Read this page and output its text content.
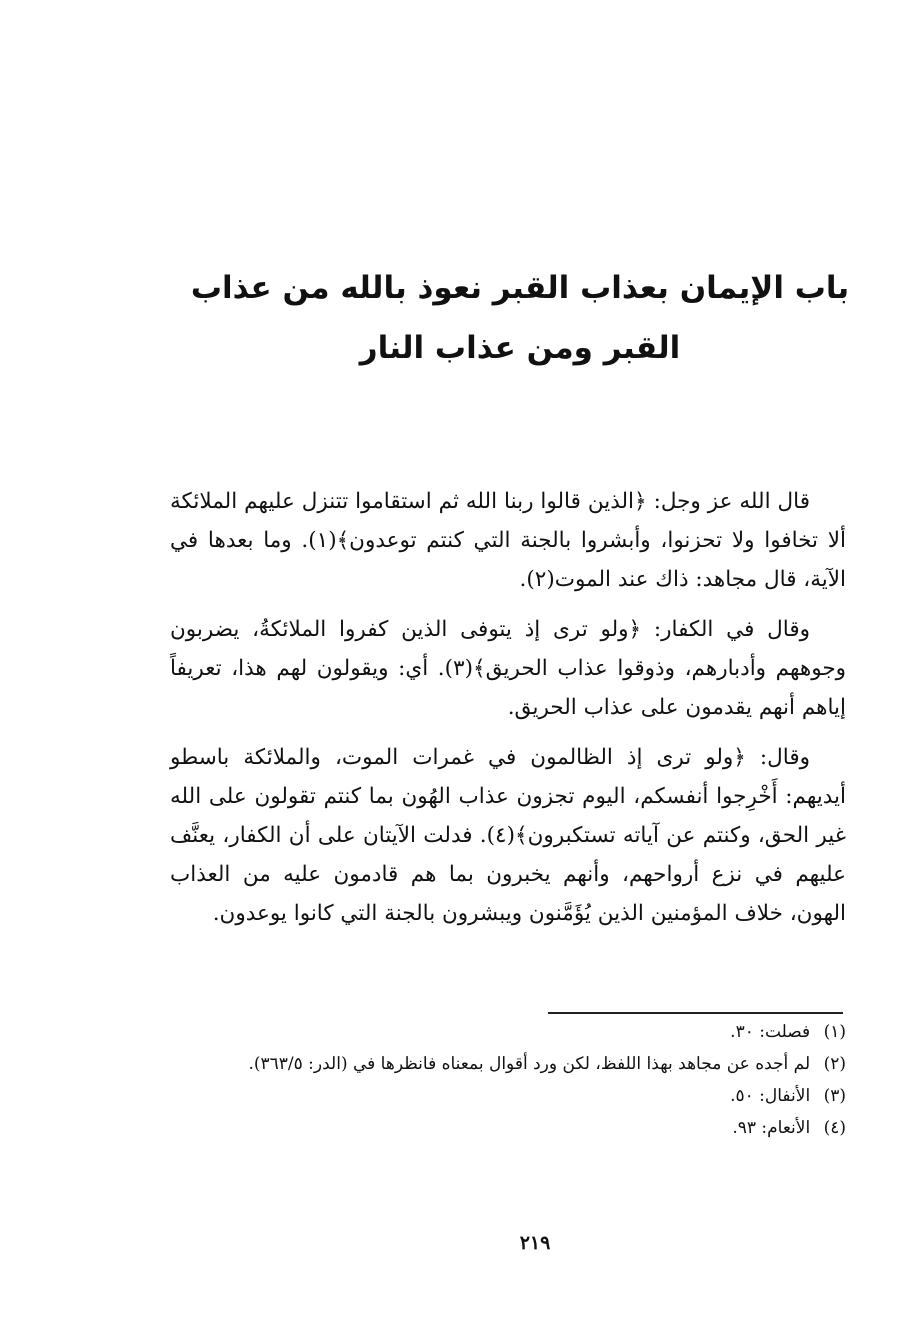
باب الإيمان بعذاب القبر نعوذ بالله من عذاب القبر ومن عذاب النار

قال الله عز وجل: ﴿الذين قالوا ربنا الله ثم استقاموا تتنزل عليهم الملائكة ألا تخافوا ولا تحزنوا، وأبشروا بالجنة التي كنتم توعدون﴾(١). وما بعدها في الآية، قال مجاهد: ذاك عند الموت(٢).

وقال في الكفار: ﴿ولو ترى إذ يتوفى الذين كفروا الملائكةُ، يضربون وجوههم وأدبارهم، وذوقوا عذاب الحريق﴾(٣). أي: ويقولون لهم هذا، تعريفاً إياهم أنهم يقدمون على عذاب الحريق.

وقال: ﴿ولو ترى إذ الظالمون في غمرات الموت، والملائكة باسطو أيديهم: أَخْرِجوا أنفسكم، اليوم تجزون عذاب الهُون بما كنتم تقولون على الله غير الحق، وكنتم عن آياته تستكبرون﴾(٤). فدلت الآيتان على أن الكفار، يعنَّف عليهم في نزع أرواحهم، وأنهم يخبرون بما هم قادمون عليه من العذاب الهون، خلاف المؤمنين الذين يُؤَمَّنون ويبشرون بالجنة التي كانوا يوعدون.

(١) فصلت: ٣٠.
(٢) لم أجده عن مجاهد بهذا اللفظ، لكن ورد أقوال بمعناه فانظرها في (الدر: ٣٦٣/٥).
(٣) الأنفال: ٥٠.
(٤) الأنعام: ٩٣.
٢١٩
